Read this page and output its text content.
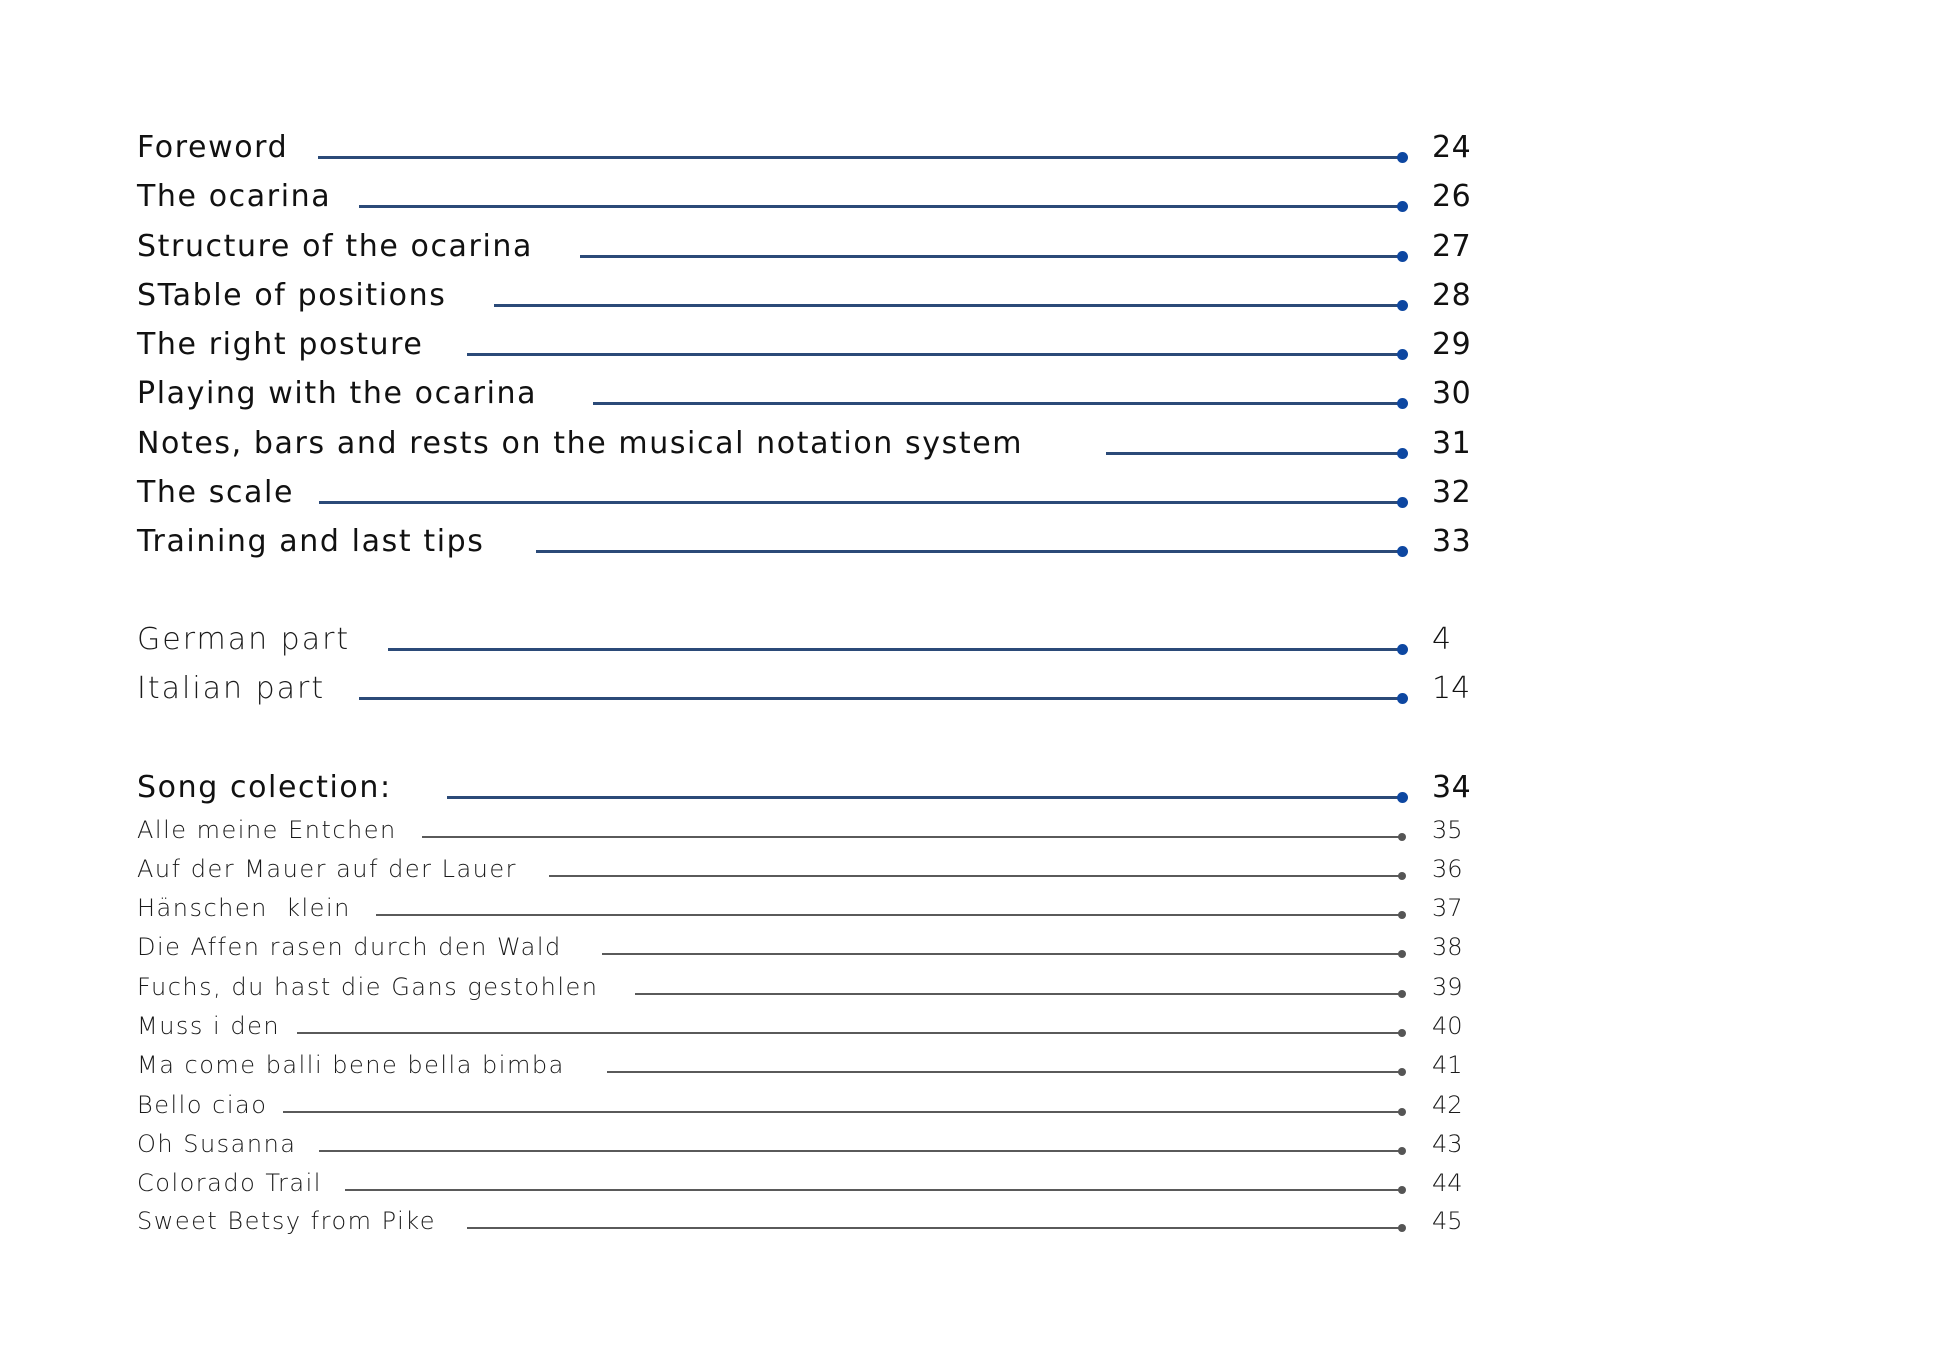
Foreword	24
The ocarina	26
Structure of the ocarina	27
STable of positions	28
The right posture	29
Playing with the ocarina	30
Notes, bars and rests on the musical notation system	31
The scale	32
Training and last tips	33
German part	4
Italian part	14
Song colection:	34
Alle meine Entchen	35
Auf der Mauer auf der Lauer	36
Hänschen  klein	37
Die Affen rasen durch den Wald	38
Fuchs, du hast die Gans gestohlen	39
Muss i den	40
Ma come balli bene bella bimba	41
Bello ciao	42
Oh Susanna	43
Colorado Trail	44
Sweet Betsy from Pike	45
